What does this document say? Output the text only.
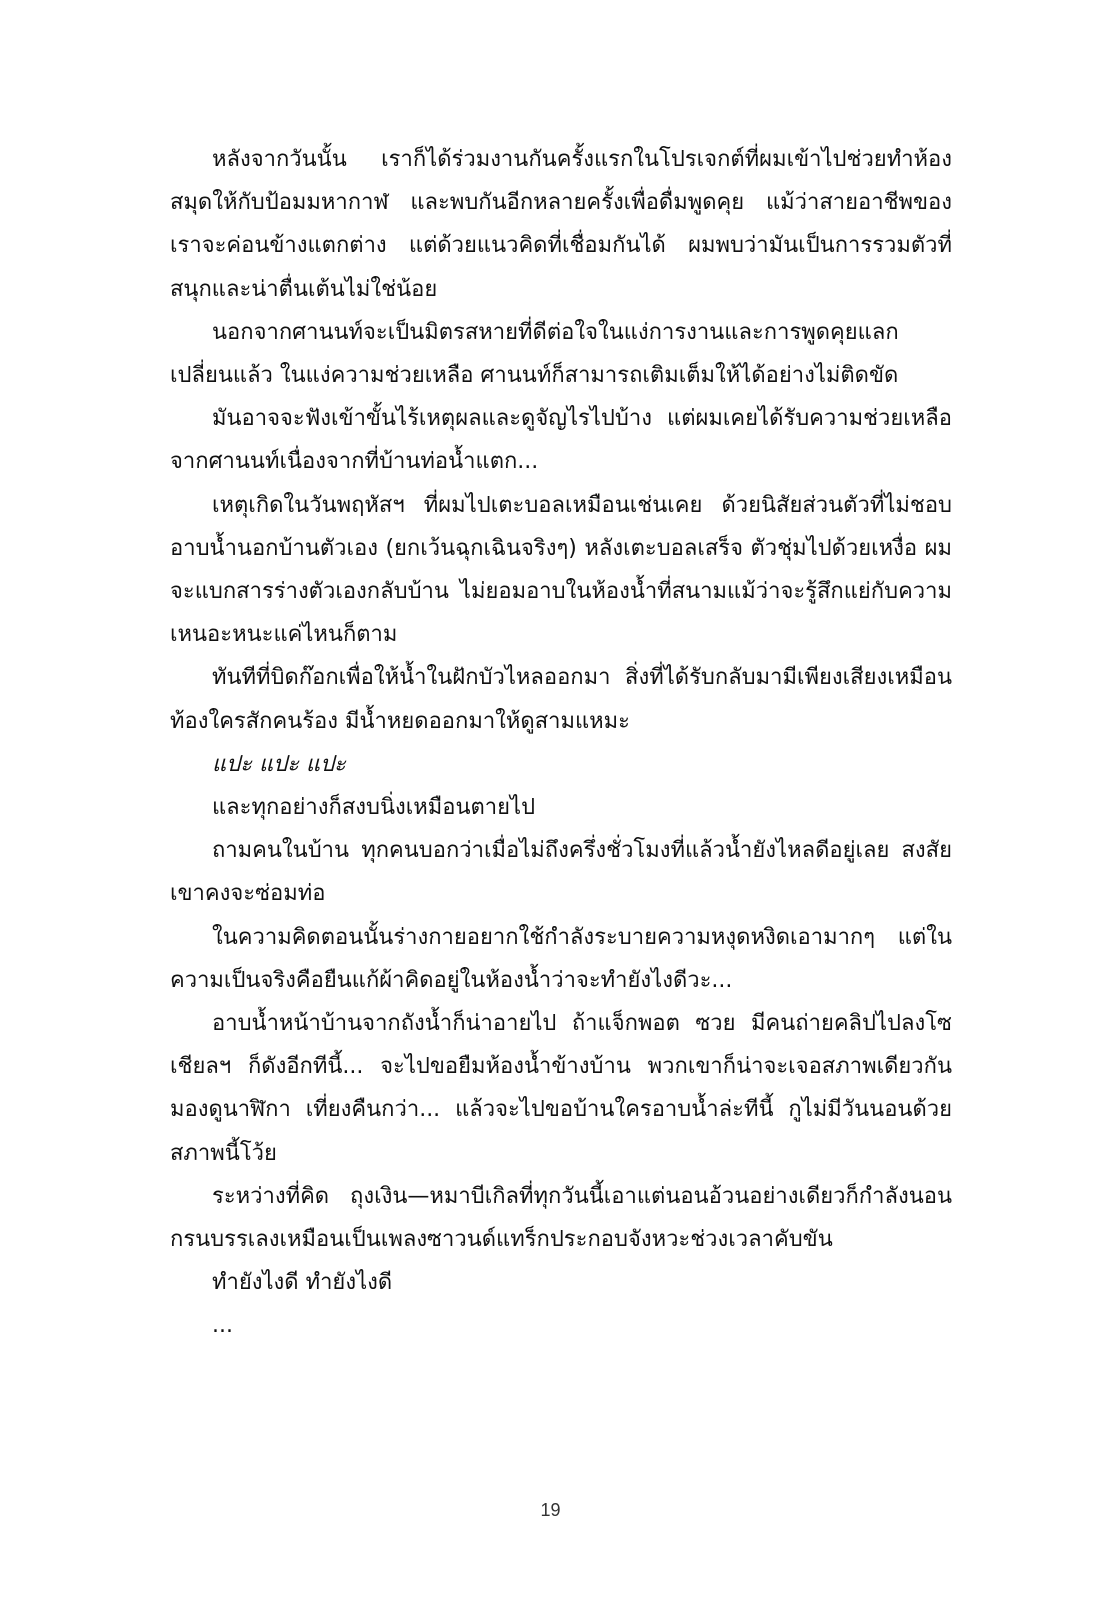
หลังจากวันนั้น เราก็ได้ร่วมงานกันครั้งแรกในโปรเจกต์ที่ผมเข้าไปช่วยทำห้องสมุดให้กับป้อมมหากาฬ และพบกันอีกหลายครั้งเพื่อดื่มพูดคุย แม้ว่าสายอาชีพของเราจะค่อนข้างแตกต่าง แต่ด้วยแนวคิดที่เชื่อมกันได้ ผมพบว่ามันเป็นการรวมตัวที่สนุกและน่าตื่นเต้นไม่ใช่น้อย

นอกจากศานนท์จะเป็นมิตรสหายที่ดีต่อใจในแง่การงานและการพูดคุยแลกเปลี่ยนแล้ว ในแง่ความช่วยเหลือ ศานนท์ก็สามารถเติมเต็มให้ได้อย่างไม่ติดขัด

มันอาจจะฟังเข้าขั้นไร้เหตุผลและดูจัญไรไปบ้าง แต่ผมเคยได้รับความช่วยเหลือจากศานนท์เนื่องจากที่บ้านท่อน้ำแตก...

เหตุเกิดในวันพฤหัสฯ ที่ผมไปเตะบอลเหมือนเช่นเคย ด้วยนิสัยส่วนตัวที่ไม่ชอบอาบน้ำนอกบ้านตัวเอง (ยกเว้นฉุกเฉินจริงๆ) หลังเตะบอลเสร็จ ตัวชุ่มไปด้วยเหงื่อ ผมจะแบกสารร่างตัวเองกลับบ้าน ไม่ยอมอาบในห้องน้ำที่สนามแม้ว่าจะรู้สึกแย่กับความเหนอะหนะแค่ไหนก็ตาม

ทันทีที่บิดก๊อกเพื่อให้น้ำในฝักบัวไหลออกมา สิ่งที่ได้รับกลับมามีเพียงเสียงเหมือนท้องใครสักคนร้อง มีน้ำหยดออกมาให้ดูสามแหมะ

แปะ แปะ แปะ

และทุกอย่างก็สงบนิ่งเหมือนตายไป

ถามคนในบ้าน ทุกคนบอกว่าเมื่อไม่ถึงครึ่งชั่วโมงที่แล้วน้ำยังไหลดีอยู่เลย สงสัยเขาคงจะซ่อมท่อ

ในความคิดตอนนั้นร่างกายอยากใช้กำลังระบายความหงุดหงิดเอามากๆ แต่ในความเป็นจริงคือยืนแก้ผ้าคิดอยู่ในห้องน้ำว่าจะทำยังไงดีวะ...

อาบน้ำหน้าบ้านจากถังน้ำก็น่าอายไป ถ้าแจ็กพอต ซวย มีคนถ่ายคลิปไปลงโซเชียลฯ ก็ดังอีกทีนี้... จะไปขอยืมห้องน้ำข้างบ้าน พวกเขาก็น่าจะเจอสภาพเดียวกัน มองดูนาฬิกา เที่ยงคืนกว่า... แล้วจะไปขอบ้านใครอาบน้ำล่ะทีนี้ กูไม่มีวันนอนด้วยสภาพนี้โว้ย

ระหว่างที่คิด ถุงเงิน—หมาบีเกิลที่ทุกวันนี้เอาแต่นอนอ้วนอย่างเดียวก็กำลังนอนกรนบรรเลงเหมือนเป็นเพลงซาวนด์แทร็กประกอบจังหวะช่วงเวลาคับขัน

ทำยังไงดี ทำยังไงดี

...

19
